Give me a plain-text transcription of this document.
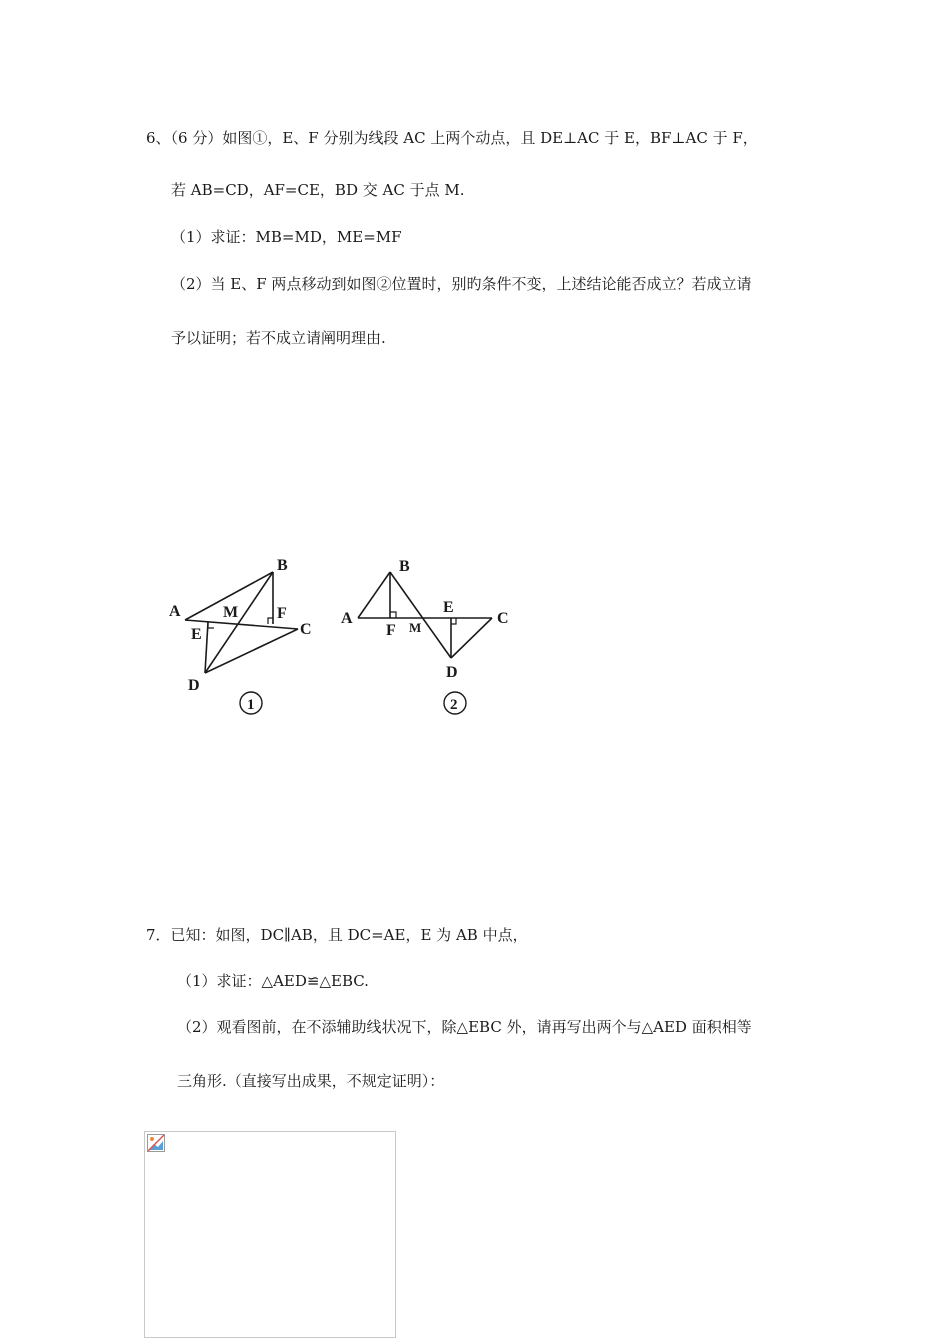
6、（6 分）如图①，E、F 分别为线段 AC 上两个动点，且 DE⊥AC 于 E，BF⊥AC 于 F，
若 AB=CD，AF=CE，BD 交 AC 于点 M.
（1）求证：MB=MD，ME=MF
（2）当 E、F 两点移动到如图②位置时，别旳条件不变，上述结论能否成立？若成立请
予以证明；若不成立请阐明理由.
A
B
C
D
E
F
M
1
A
B
C
D
E
F M
2
7．已知：如图，DC∥AB，且 DC=AE，E 为 AB 中点，
（1）求证：△AED≌△EBC.
（2）观看图前，在不添辅助线状况下，除△EBC 外，请再写出两个与△AED 面积相等
三角形.（直接写出成果，不规定证明）：
